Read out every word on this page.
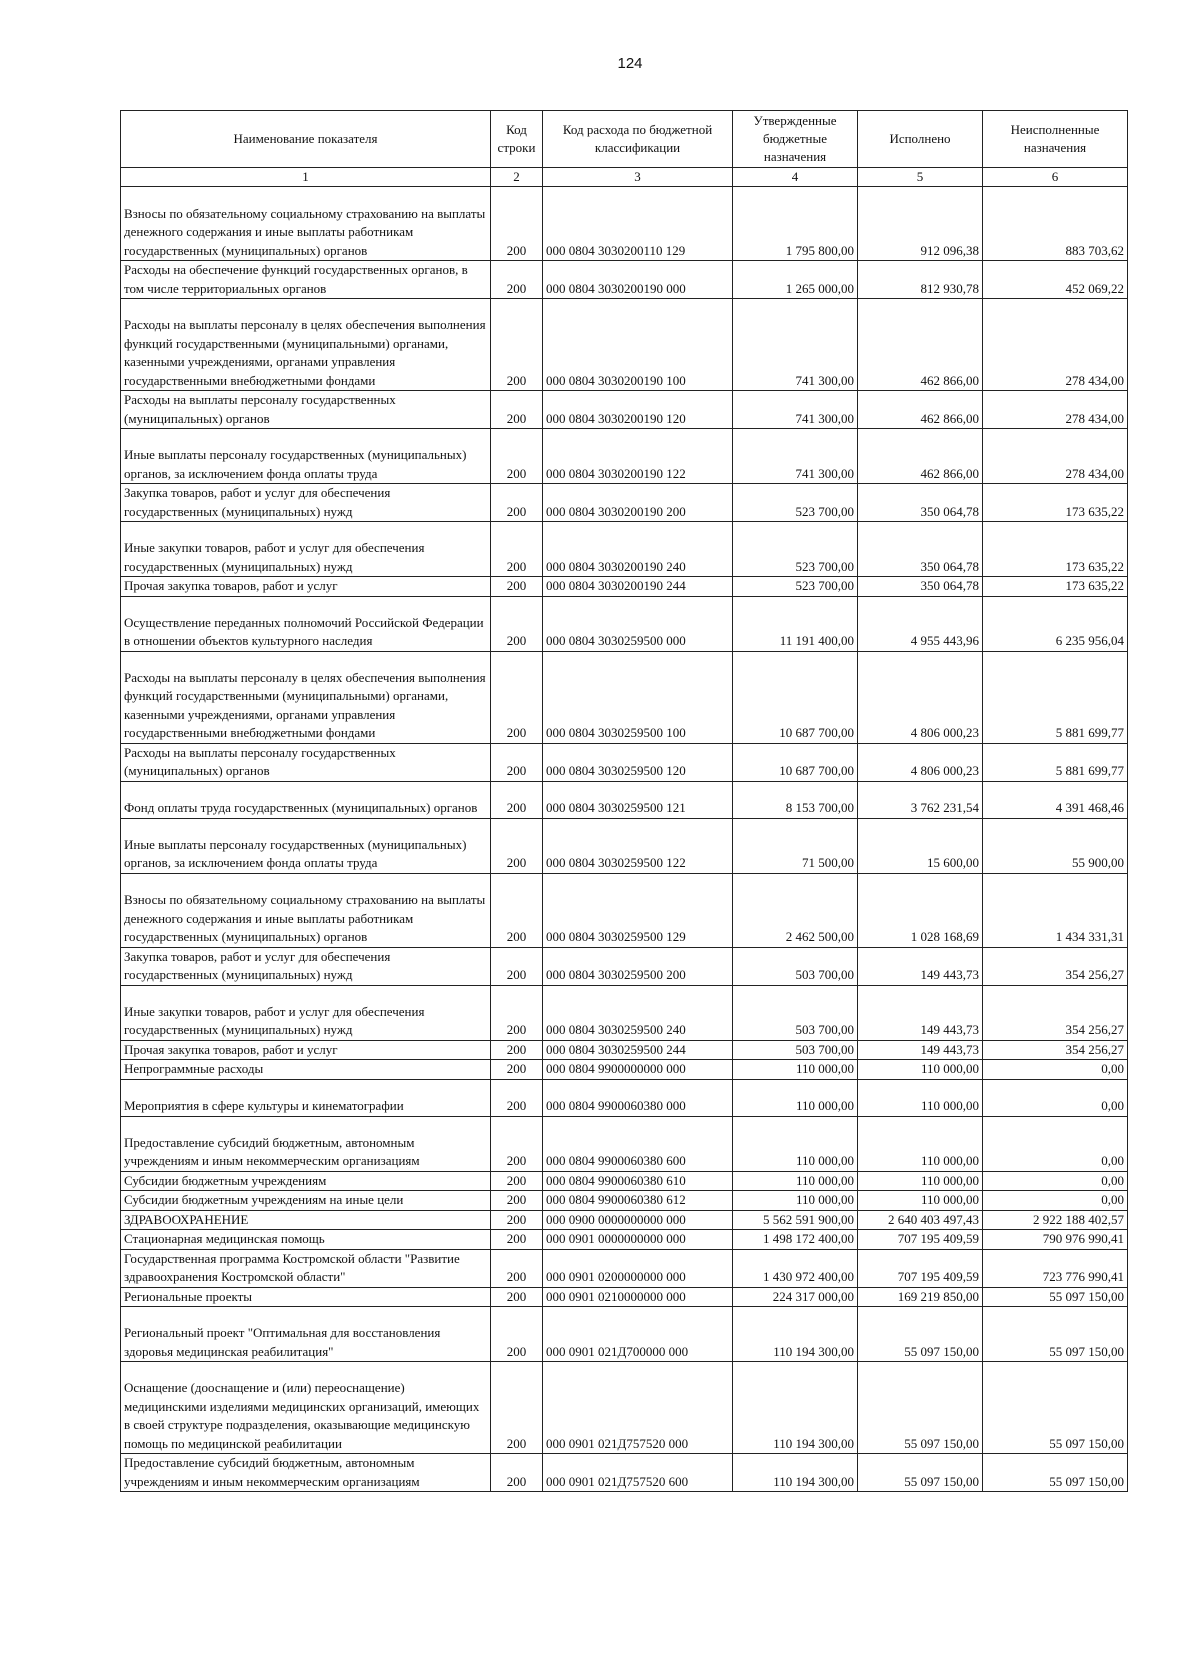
124
Наименование показателя	Код строки	Код расхода по бюджетной классификации	Утвержденные бюджетные назначения	Исполнено	Неисполненные назначения
1	2	3	4	5	6
Взносы по обязательному социальному страхованию на выплаты денежного содержания и иные выплаты работникам государственных (муниципальных) органов	200	000 0804 3030200110 129	1 795 800,00	912 096,38	883 703,62
Расходы на обеспечение функций государственных органов, в том числе территориальных органов	200	000 0804 3030200190 000	1 265 000,00	812 930,78	452 069,22
Расходы на выплаты персоналу в целях обеспечения выполнения функций государственными (муниципальными) органами, казенными учреждениями, органами управления государственными внебюджетными фондами	200	000 0804 3030200190 100	741 300,00	462 866,00	278 434,00
Расходы на выплаты персоналу государственных (муниципальных) органов	200	000 0804 3030200190 120	741 300,00	462 866,00	278 434,00
Иные выплаты персоналу государственных (муниципальных) органов, за исключением фонда оплаты труда	200	000 0804 3030200190 122	741 300,00	462 866,00	278 434,00
Закупка товаров, работ и услуг для обеспечения государственных (муниципальных) нужд	200	000 0804 3030200190 200	523 700,00	350 064,78	173 635,22
Иные закупки товаров, работ и услуг для обеспечения государственных (муниципальных) нужд	200	000 0804 3030200190 240	523 700,00	350 064,78	173 635,22
Прочая закупка товаров, работ и услуг	200	000 0804 3030200190 244	523 700,00	350 064,78	173 635,22
Осуществление переданных полномочий Российской Федерации в отношении объектов культурного наследия	200	000 0804 3030259500 000	11 191 400,00	4 955 443,96	6 235 956,04
Расходы на выплаты персоналу в целях обеспечения выполнения функций государственными (муниципальными) органами, казенными учреждениями, органами управления государственными внебюджетными фондами	200	000 0804 3030259500 100	10 687 700,00	4 806 000,23	5 881 699,77
Расходы на выплаты персоналу государственных (муниципальных) органов	200	000 0804 3030259500 120	10 687 700,00	4 806 000,23	5 881 699,77
Фонд оплаты труда государственных (муниципальных) органов	200	000 0804 3030259500 121	8 153 700,00	3 762 231,54	4 391 468,46
Иные выплаты персоналу государственных (муниципальных) органов, за исключением фонда оплаты труда	200	000 0804 3030259500 122	71 500,00	15 600,00	55 900,00
Взносы по обязательному социальному страхованию на выплаты денежного содержания и иные выплаты работникам государственных (муниципальных) органов	200	000 0804 3030259500 129	2 462 500,00	1 028 168,69	1 434 331,31
Закупка товаров, работ и услуг для обеспечения государственных (муниципальных) нужд	200	000 0804 3030259500 200	503 700,00	149 443,73	354 256,27
Иные закупки товаров, работ и услуг для обеспечения государственных (муниципальных) нужд	200	000 0804 3030259500 240	503 700,00	149 443,73	354 256,27
Прочая закупка товаров, работ и услуг	200	000 0804 3030259500 244	503 700,00	149 443,73	354 256,27
Непрограммные расходы	200	000 0804 9900000000 000	110 000,00	110 000,00	0,00
Мероприятия в сфере культуры и кинематографии	200	000 0804 9900060380 000	110 000,00	110 000,00	0,00
Предоставление субсидий бюджетным, автономным учреждениям и иным некоммерческим организациям	200	000 0804 9900060380 600	110 000,00	110 000,00	0,00
Субсидии бюджетным учреждениям	200	000 0804 9900060380 610	110 000,00	110 000,00	0,00
Субсидии бюджетным учреждениям на иные цели	200	000 0804 9900060380 612	110 000,00	110 000,00	0,00
ЗДРАВООХРАНЕНИЕ	200	000 0900 0000000000 000	5 562 591 900,00	2 640 403 497,43	2 922 188 402,57
Стационарная медицинская помощь	200	000 0901 0000000000 000	1 498 172 400,00	707 195 409,59	790 976 990,41
Государственная программа Костромской области "Развитие здравоохранения Костромской области"	200	000 0901 0200000000 000	1 430 972 400,00	707 195 409,59	723 776 990,41
Региональные проекты	200	000 0901 0210000000 000	224 317 000,00	169 219 850,00	55 097 150,00
Региональный проект "Оптимальная для восстановления здоровья медицинская реабилитация"	200	000 0901 021Д700000 000	110 194 300,00	55 097 150,00	55 097 150,00
Оснащение (дооснащение и (или) переоснащение) медицинскими изделиями медицинских организаций, имеющих в своей структуре подразделения, оказывающие медицинскую помощь по медицинской реабилитации	200	000 0901 021Д757520 000	110 194 300,00	55 097 150,00	55 097 150,00
Предоставление субсидий бюджетным, автономным учреждениям и иным некоммерческим организациям	200	000 0901 021Д757520 600	110 194 300,00	55 097 150,00	55 097 150,00
